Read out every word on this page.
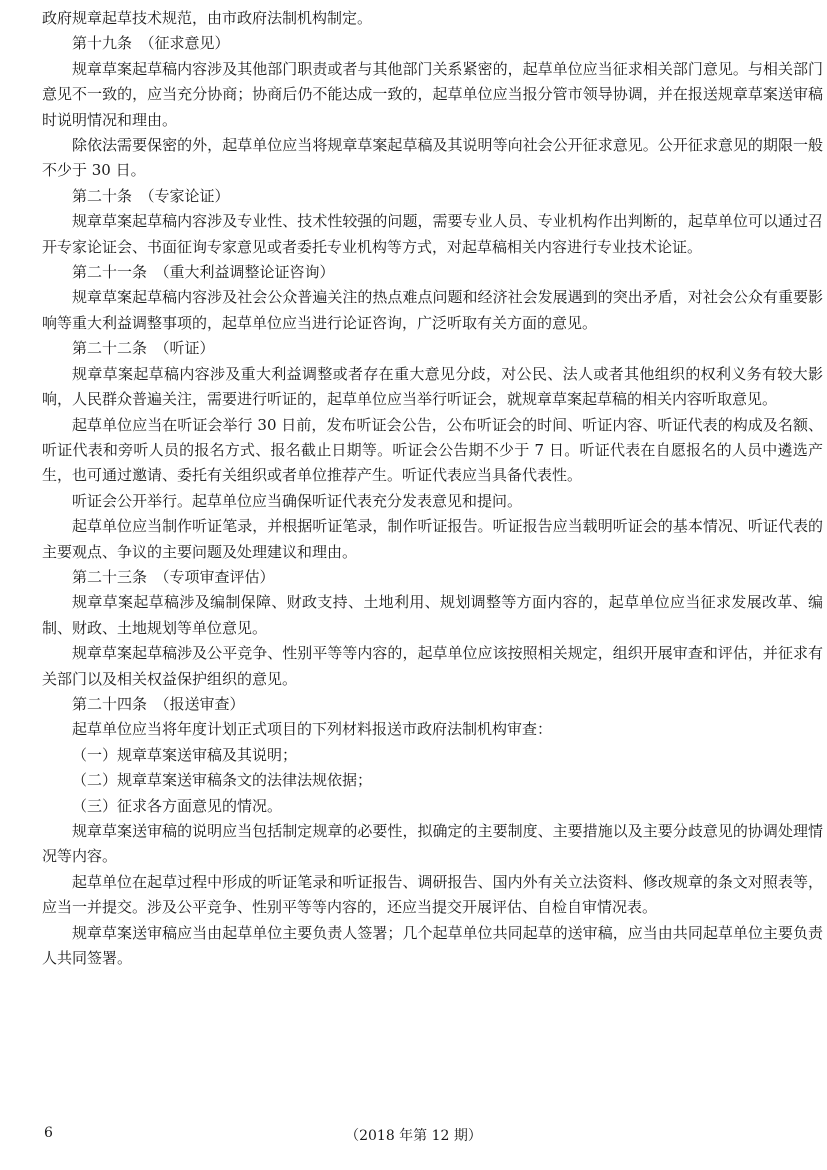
政府规章起草技术规范，由市政府法制机构制定。

第十九条　（征求意见）

规章草案起草稿内容涉及其他部门职责或者与其他部门关系紧密的，起草单位应当征求相关部门意见。与相关部门意见不一致的，应当充分协商；协商后仍不能达成一致的，起草单位应当报分管市领导协调，并在报送规章草案送审稿时说明情况和理由。

除依法需要保密的外，起草单位应当将规章草案起草稿及其说明等向社会公开征求意见。公开征求意见的期限一般不少于 30 日。

第二十条　（专家论证）

规章草案起草稿内容涉及专业性、技术性较强的问题，需要专业人员、专业机构作出判断的，起草单位可以通过召开专家论证会、书面征询专家意见或者委托专业机构等方式，对起草稿相关内容进行专业技术论证。

第二十一条　（重大利益调整论证咨询）

规章草案起草稿内容涉及社会公众普遍关注的热点难点问题和经济社会发展遇到的突出矛盾，对社会公众有重要影响等重大利益调整事项的，起草单位应当进行论证咨询，广泛听取有关方面的意见。

第二十二条　（听证）

规章草案起草稿内容涉及重大利益调整或者存在重大意见分歧，对公民、法人或者其他组织的权利义务有较大影响，人民群众普遍关注，需要进行听证的，起草单位应当举行听证会，就规章草案起草稿的相关内容听取意见。

起草单位应当在听证会举行 30 日前，发布听证会公告，公布听证会的时间、听证内容、听证代表的构成及名额、听证代表和旁听人员的报名方式、报名截止日期等。听证会公告期不少于 7 日。听证代表在自愿报名的人员中遴选产生，也可通过邀请、委托有关组织或者单位推荐产生。听证代表应当具备代表性。

听证会公开举行。起草单位应当确保听证代表充分发表意见和提问。

起草单位应当制作听证笔录，并根据听证笔录，制作听证报告。听证报告应当载明听证会的基本情况、听证代表的主要观点、争议的主要问题及处理建议和理由。

第二十三条　（专项审查评估）

规章草案起草稿涉及编制保障、财政支持、土地利用、规划调整等方面内容的，起草单位应当征求发展改革、编制、财政、土地规划等单位意见。

规章草案起草稿涉及公平竞争、性别平等等内容的，起草单位应该按照相关规定，组织开展审查和评估，并征求有关部门以及相关权益保护组织的意见。

第二十四条　（报送审查）

起草单位应当将年度计划正式项目的下列材料报送市政府法制机构审查：

（一）规章草案送审稿及其说明；

（二）规章草案送审稿条文的法律法规依据；

（三）征求各方面意见的情况。

规章草案送审稿的说明应当包括制定规章的必要性，拟确定的主要制度、主要措施以及主要分歧意见的协调处理情况等内容。

起草单位在起草过程中形成的听证笔录和听证报告、调研报告、国内外有关立法资料、修改规章的条文对照表等，应当一并提交。涉及公平竞争、性别平等等内容的，还应当提交开展评估、自检自审情况表。

规章草案送审稿应当由起草单位主要负责人签署；几个起草单位共同起草的送审稿，应当由共同起草单位主要负责人共同签署。

6	（2018 年第 12 期）
